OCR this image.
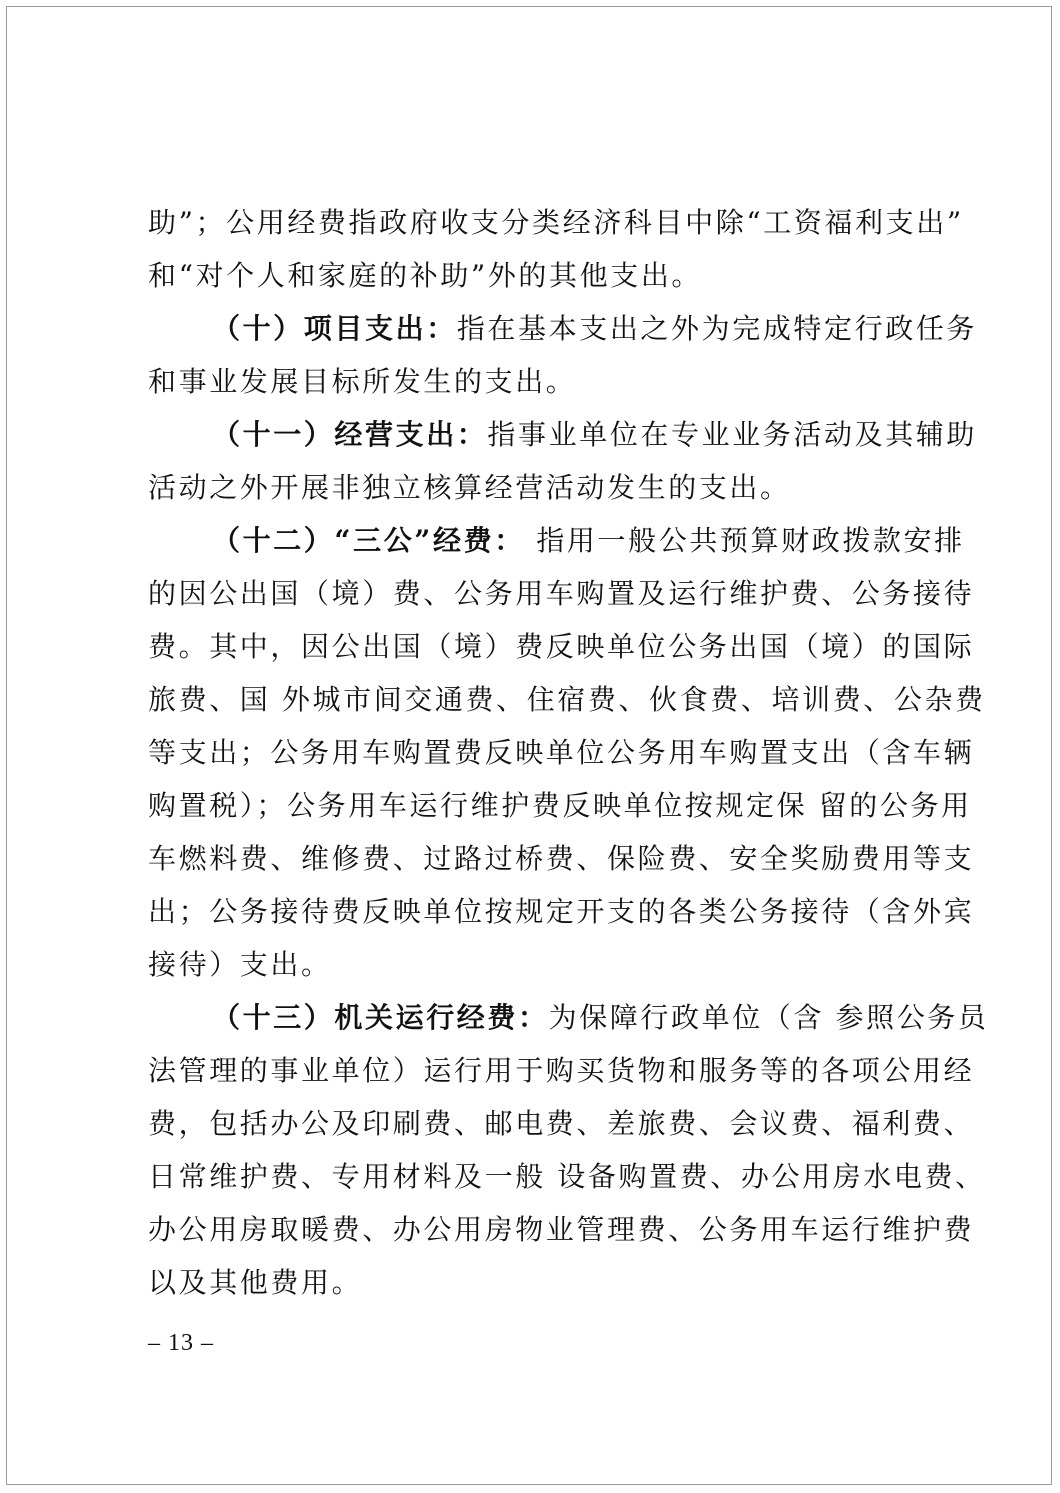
助”；公用经费指政府收支分类经济科目中除“工资福利支出”
和“对个人和家庭的补助”外的其他支出。
（十）项目支出：指在基本支出之外为完成特定行政任务
和事业发展目标所发生的支出。
（十一）经营支出：指事业单位在专业业务活动及其辅助
活动之外开展非独立核算经营活动发生的支出。
（十二）“三公”经费： 指用一般公共预算财政拨款安排
的因公出国（境）费、公务用车购置及运行维护费、公务接待
费。其中，因公出国（境）费反映单位公务出国（境）的国际
旅费、国 外城市间交通费、住宿费、伙食费、培训费、公杂费
等支出；公务用车购置费反映单位公务用车购置支出（含车辆
购置税）；公务用车运行维护费反映单位按规定保 留的公务用
车燃料费、维修费、过路过桥费、保险费、安全奖励费用等支
出；公务接待费反映单位按规定开支的各类公务接待（含外宾
接待）支出。
（十三）机关运行经费：为保障行政单位（含 参照公务员
法管理的事业单位）运行用于购买货物和服务等的各项公用经
费，包括办公及印刷费、邮电费、差旅费、会议费、福利费、
日常维护费、专用材料及一般 设备购置费、办公用房水电费、
办公用房取暖费、办公用房物业管理费、公务用车运行维护费
以及其他费用。
– 13 –
